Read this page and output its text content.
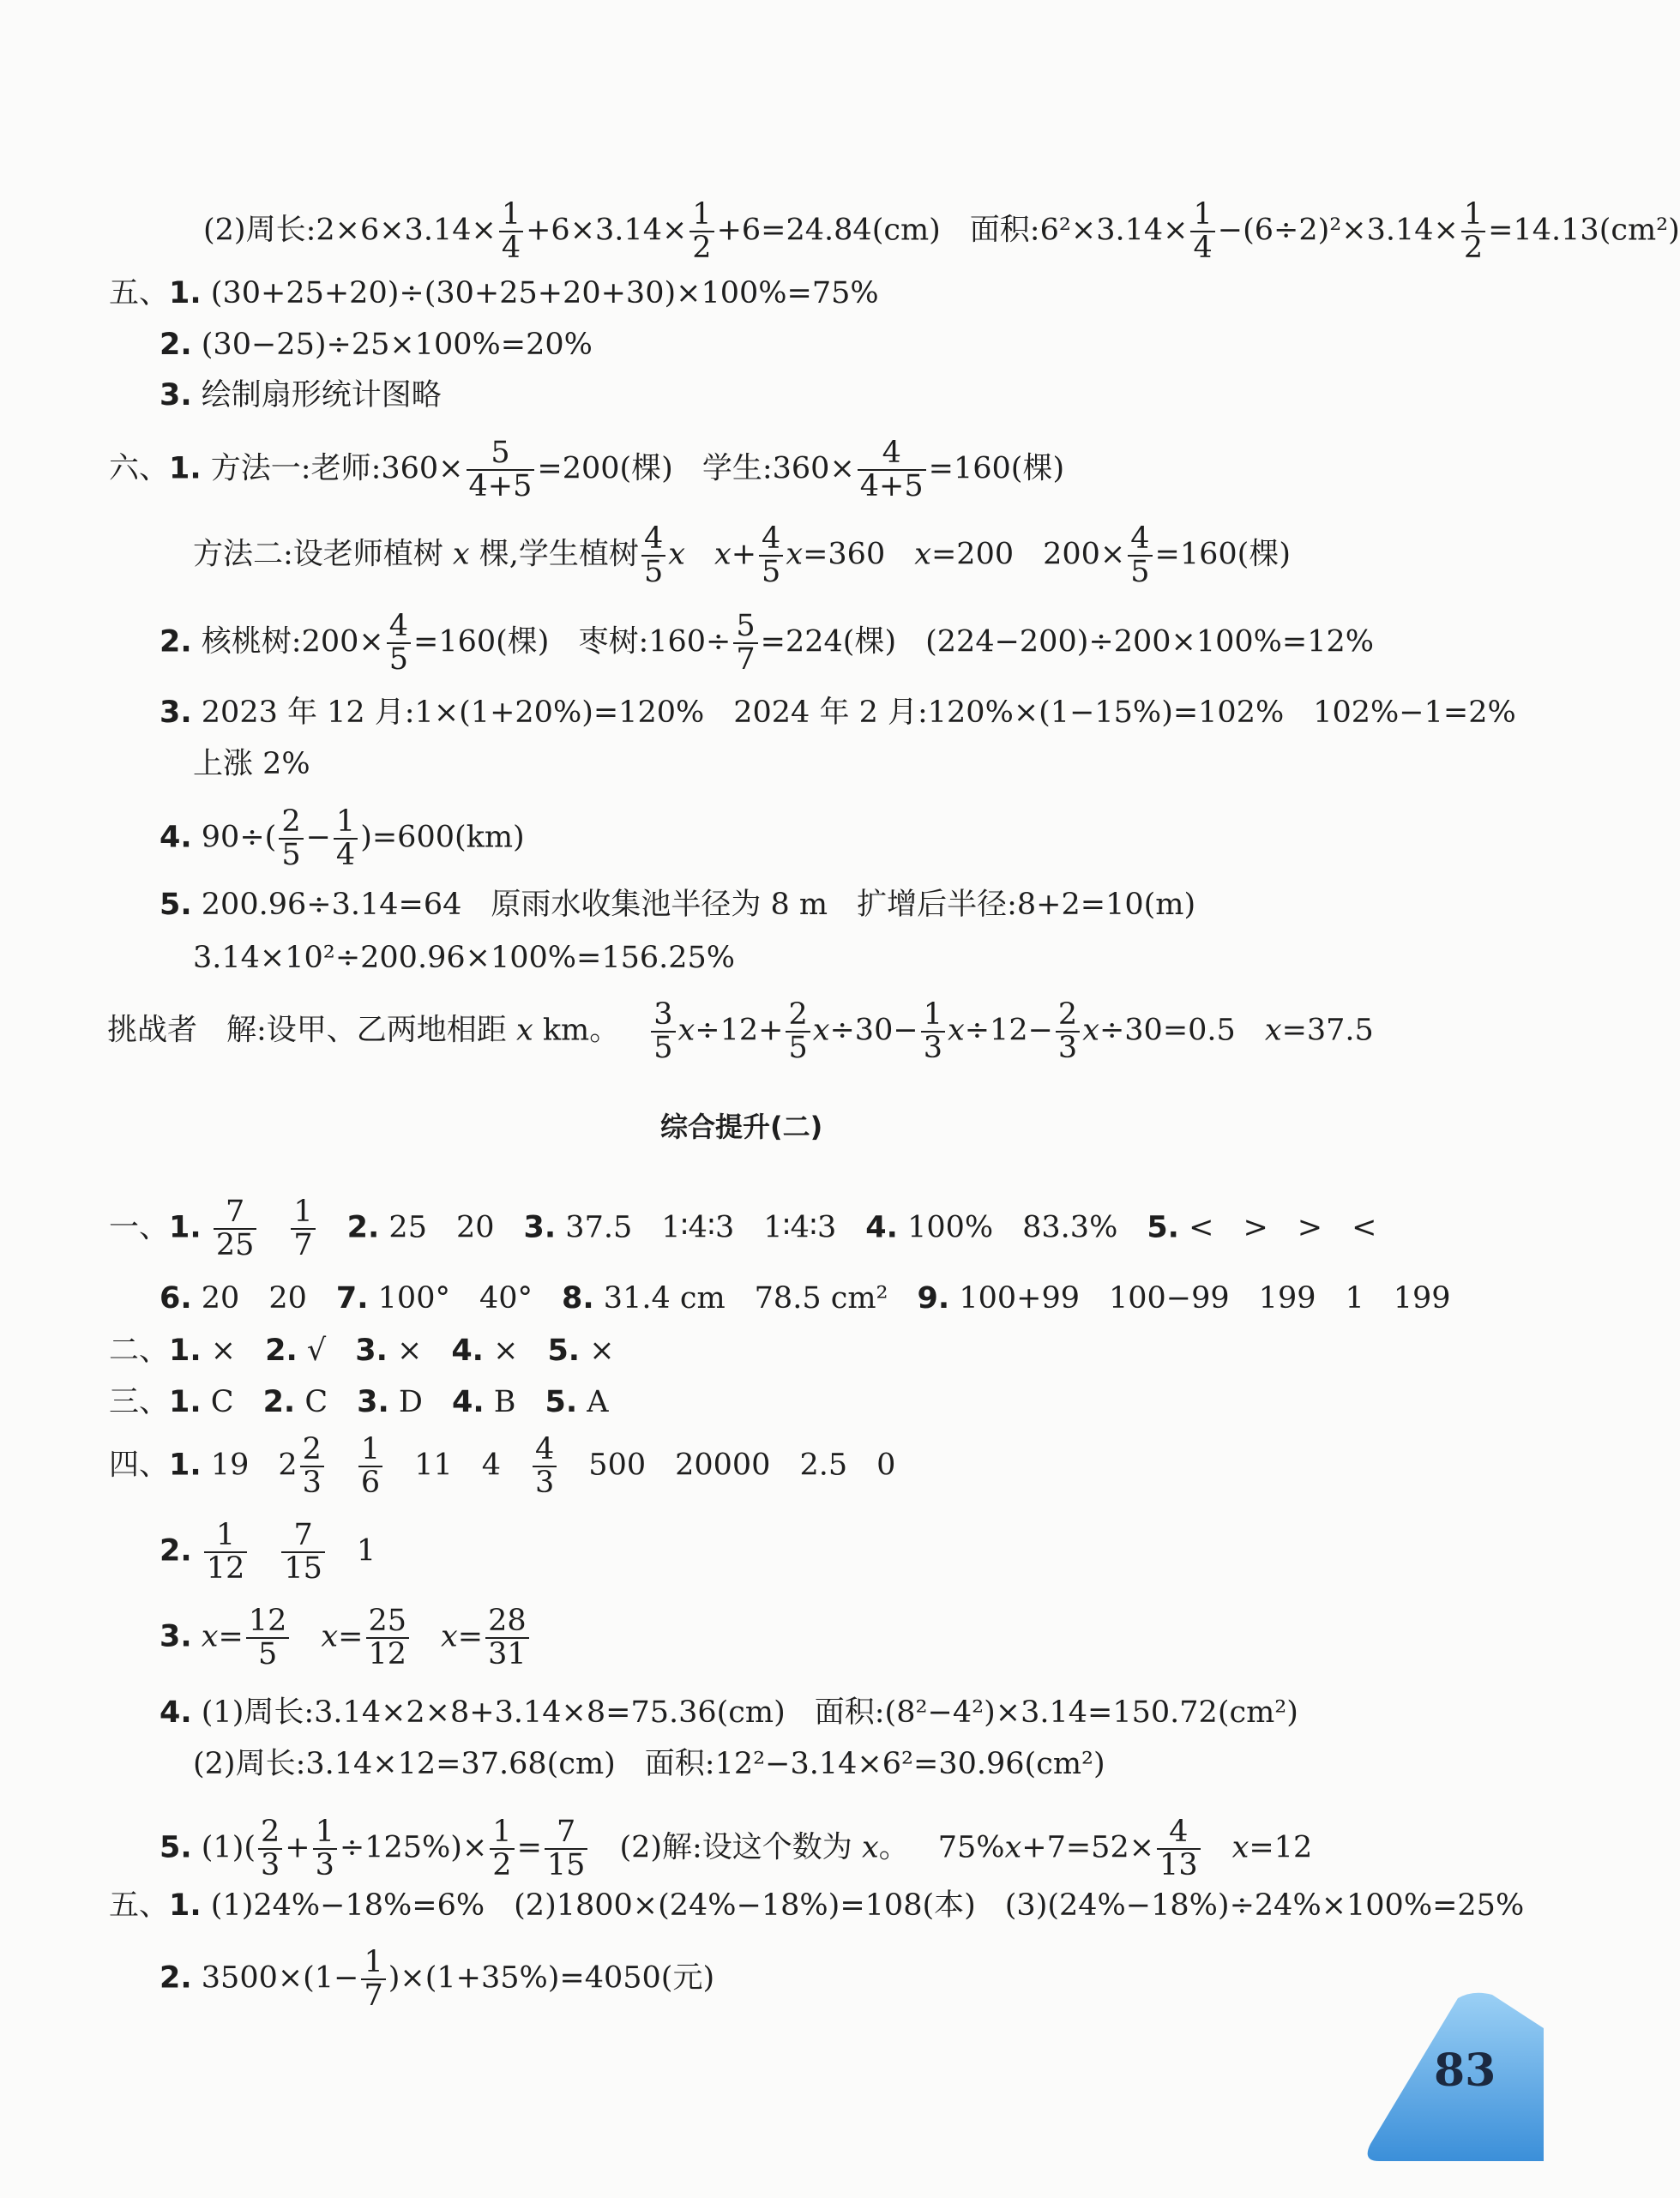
83
(2)周长:2×6×3.14× $\frac{1}{4} +6\times 3.14\times \frac{1}{2} +6=24.84(cm)$ 面积:6²×3.14× $\frac{1}{4} -(6\div 2)^2\times 3.14\times \frac{1}{2} =14.13(cm^2)$
五、1. (30+25+20)÷(30+25+20+30)×100%=75%
2. (30−25)÷25×100%=20%
3. 绘制扇形统计图略
六、1. 方法一:老师:360× $\frac{5}{4+5} =200$(棵) 学生:360× $\frac{4}{4+5} =160$(棵)
方法二:设老师植树 x 棵,学生植树 $\frac{4}{5}$ x $x+ \frac{4}{5} x=360$ x=200 $200\times \frac{4}{5} =160$(棵)
2. 核桃树:200× $\frac{4}{5} =160$(棵) 枣树:160÷ $\frac{5}{7} =224$(棵) (224−200)÷200×100%=12%
3. 2023 年 12 月:1×(1+20%)=120% 2024 年 2 月:120%×(1−15%)=102% 102%−1=2%
上涨 2%
4. $90\div( \frac{2}{5} - \frac{1}{4} )=600(km)$
5. 200.96÷3.14=64 原雨水收集池半径为 8 m 扩增后半径:8+2=10(m)
3.14×10²÷200.96×100%=156.25%
挑战者 解:设甲、乙两地相距 x km。 $\frac{3}{5} x\div 12+ \frac{2}{5} x\div 30- \frac{1}{3} x\div 12- \frac{2}{3} x\div 30=0.5$ x=37.5
综合提升(二)
一、1. $\frac{7}{25} \frac{1}{7} 2$. 25 20 3. 37.5 1∶4∶3 1∶4∶3 4. 100% 83.3% 5. < > > <
6. 20 20 7. 100° 40° 8. 31.4 cm 78.5 cm² 9. 100+99 100−99 199 1 199
二、1. × 2. √ 3. × 4. × 5. ×
三、1. C 2. C 3. D 4. B 5. A
四、1. 19 $2 \frac{2}{3} \frac{1}{6} 11$ $4 \frac{4}{3} 500$ 20000 2.5 0
2. $\frac{1}{12} \frac{7}{15} 1$
3. $x= \frac{12}{5} x= \frac{25}{12} x= \frac{28}{31}$
4. (1)周长:3.14×2×8+3.14×8=75.36(cm) 面积:(8²−4²)×3.14=150.72(cm²)
(2)周长:3.14×12=37.68(cm) 面积:12²−3.14×6²=30.96(cm²)
5. $(1)( \frac{2}{3} + \frac{1}{3} \div 125\%)\times \frac{1}{2} = \frac{7}{15} (2)$解:设这个数为 x。 $75\%x+7=52\times \frac{4}{13} x=12$
五、1. (1)24%−18%=6% (2)1800×(24%−18%)=108(本) (3)(24%−18%)÷24%×100%=25%
2. $3500\times(1- \frac{1}{7} )\times(1+35\%)=4050$(元)
